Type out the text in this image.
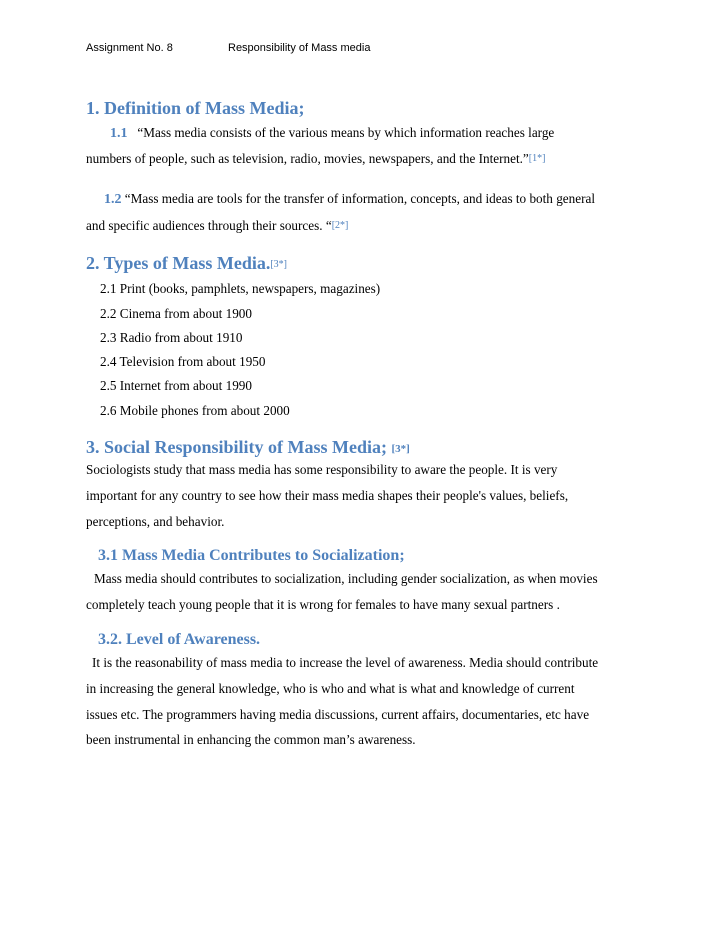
Assignment No. 8	Responsibility of Mass media
1. Definition of Mass Media;
1.1 “Mass media consists of the various means by which information reaches large
numbers of people, such as television, radio, movies, newspapers, and the Internet.”[1*]
1.2 “Mass media are tools for the transfer of information, concepts, and ideas to both general
and specific audiences through their sources. “[2*]
2. Types of Mass Media.[3*]
2.1 Print (books, pamphlets, newspapers, magazines)
2.2 Cinema from about 1900
2.3 Radio from about 1910
2.4 Television from about 1950
2.5 Internet from about 1990
2.6 Mobile phones from about 2000
3. Social Responsibility of Mass Media; [3*]
Sociologists study that mass media has some responsibility to aware the people. It is very
important for any country to see how their mass media shapes their people's values, beliefs,
perceptions, and behavior.
3.1 Mass Media Contributes to Socialization;
Mass media should contributes to socialization, including gender socialization, as when movies
completely teach young people that it is wrong for females to have many sexual partners .
3.2. Level of Awareness.
It is the reasonability of mass media to increase the level of awareness. Media should contribute
in increasing the general knowledge, who is who and what is what and knowledge of current
issues etc. The programmers having media discussions, current affairs, documentaries, etc have
been instrumental in enhancing the common man’s awareness.
